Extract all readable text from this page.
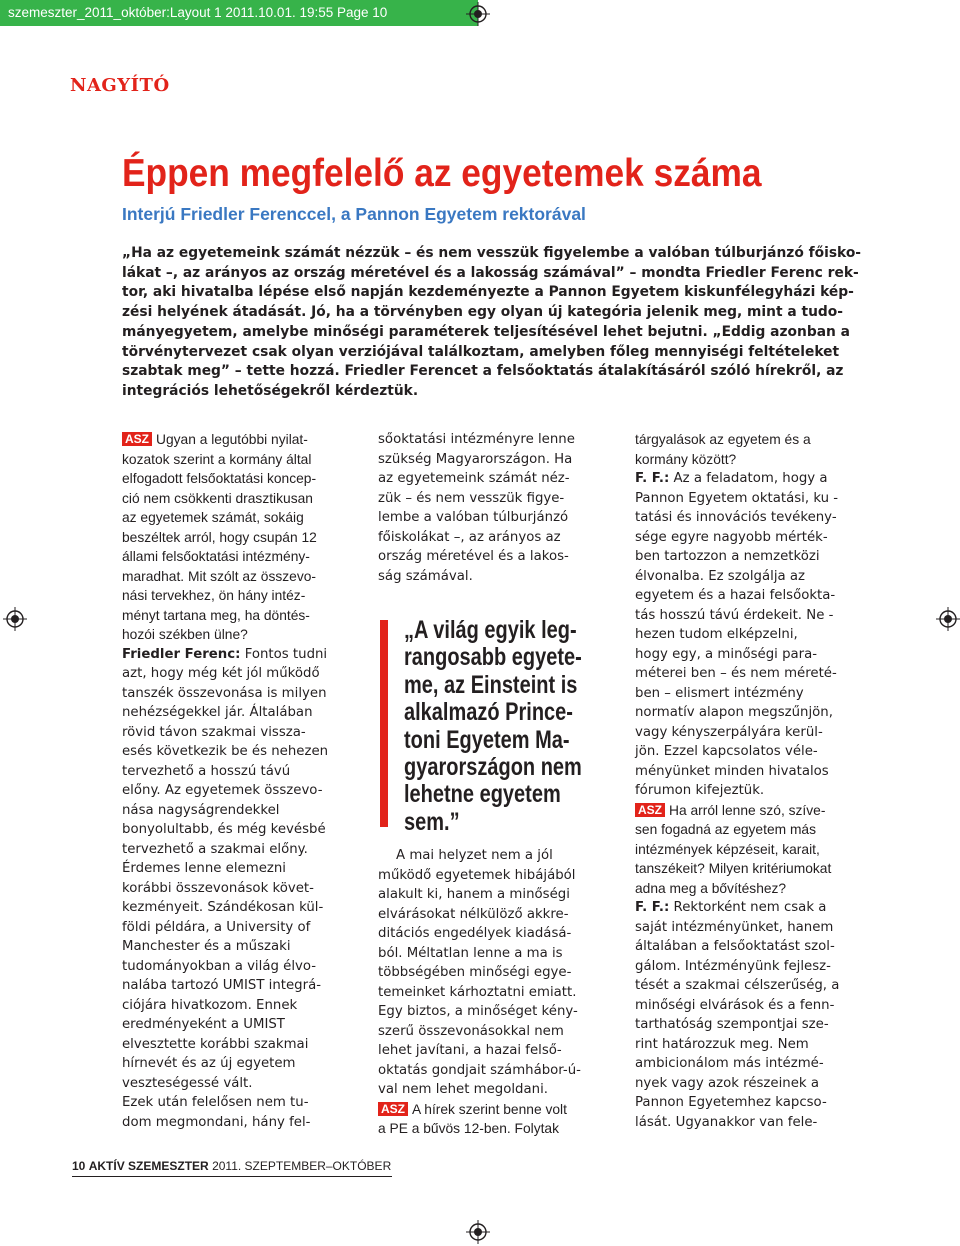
szemeszter_2011_október:Layout 1 2011.10.01. 19:55 Page 10
NAGYÍTÓ
Éppen megfelelő az egyetemek száma
Interjú Friedler Ferenccel, a Pannon Egyetem rektorával
„Ha az egyetemeink számát nézzük – és nem vesszük figyelembe a valóban túlburjánzó főisko-
lákat –, az arányos az ország méretével és a lakosság számával” – mondta Friedler Ferenc rek-
tor, aki hivatalba lépése első napján kezdeményezte a Pannon Egyetem kiskunfélegyházi kép-
zési helyének átadását. Jó, ha a törvényben egy olyan új kategória jelenik meg, mint a tudo-
mányegyetem, amelybe minőségi paraméterek teljesítésével lehet bejutni. „Eddig azonban a
törvénytervezet csak olyan verziójával találkoztam, amelyben főleg mennyiségi feltételeket
szabtak meg” – tette hozzá. Friedler Ferencet a felsőoktatás átalakításáról szóló hírekről, az
integrációs lehetőségekről kérdeztük.
ASZ Ugyan a legutóbbi nyilat-
kozatok szerint a kormány által
elfogadott felsőoktatási koncep-
ció nem csökkenti drasztikusan
az egyetemek számát, sokáig
beszéltek arról, hogy csupán 12
állami felsőoktatási intézmény-
maradhat. Mit szólt az összevo-
nási tervekhez, ön hány intéz-
ményt tartana meg, ha döntés-
hozói székben ülne?
Friedler Ferenc: Fontos tudni
azt, hogy még két jól működő
tanszék összevonása is milyen
nehézségekkel jár. Általában
rövid távon szakmai vissza-
esés következik be és nehezen
tervezhető a hosszú távú
előny. Az egyetemek összevo-
nása nagyságrendekkel
bonyolultabb, és még kevésbé
tervezhető a szakmai előny.
Érdemes lenne elemezni
korábbi összevonások követ-
kezményeit. Szándékosan kül-
földi példára, a University of
Manchester és a műszaki
tudományokban a világ élvo-
nalába tartozó UMIST integrá-
ciójára hivatkozom. Ennek
eredményeként a UMIST
elvesztette korábbi szakmai
hírnevét és az új egyetem
veszteségessé vált.
Ezek után felelősen nem tu-
dom megmondani, hány fel-
sőoktatási intézményre lenne
szükség Magyarországon. Ha
az egyetemeink számát néz-
zük – és nem vesszük figye-
lembe a valóban túlburjánzó
főiskolákat –, az arányos az
ország méretével és a lakos-
ság számával.
„A világ egyik leg-
rangosabb egyete-
me, az Einsteint is
alkalmazó Prince-
toni Egyetem Ma-
gyarországon nem
lehetne egyetem
sem.”
A mai helyzet nem a jól
működő egyetemek hibájából
alakult ki, hanem a minőségi
elvárásokat nélkülöző akkre-
ditációs engedélyek kiadásá-
ból. Méltatlan lenne a ma is
többségében minőségi egye-
temeinket kárhoztatni emiatt.
Egy biztos, a minőséget kény-
szerű összevonásokkal nem
lehet javítani, a hazai felső-
oktatás gondjait számhábor-ú-
val nem lehet megoldani.
ASZ A hírek szerint benne volt
a PE a bűvös 12-ben. Folytak
tárgyalások az egyetem és a
kormány között?
F. F.: Az a feladatom, hogy a
Pannon Egyetem oktatási, ku -
tatási és innovációs tevékeny-
sége egyre nagyobb mérték-
ben tartozzon a nemzetközi
élvonalba. Ez szolgálja az
egyetem és a hazai felsőokta-
tás hosszú távú érdekeit. Ne -
hezen tudom elképzelni,
hogy egy, a minőségi para-
méterei ben – és nem méreté-
ben – elismert intézmény
normatív alapon megszűnjön,
vagy kényszerpályára kerül-
jön. Ezzel kapcsolatos véle-
ményünket minden hivatalos
fórumon kifejeztük.
ASZ Ha arról lenne szó, szíve-
sen fogadná az egyetem más
intézmények képzéseit, karait,
tanszékeit? Milyen kritériumokat
adna meg a bővítéshez?
F. F.: Rektorként nem csak a
saját intézményünket, hanem
általában a felsőoktatást szol-
gálom. Intézményünk fejlesz-
tését a szakmai célszerűség, a
minőségi elvárások és a fenn-
tarthatóság szempontjai sze-
rint határozzuk meg. Nem
ambicionálom más intézmé-
nyek vagy azok részeinek a
Pannon Egyetemhez kapcso-
lását. Ugyanakkor van fele-
10 AKTÍV SZEMESZTER 2011. SZEPTEMBER–OKTÓBER
